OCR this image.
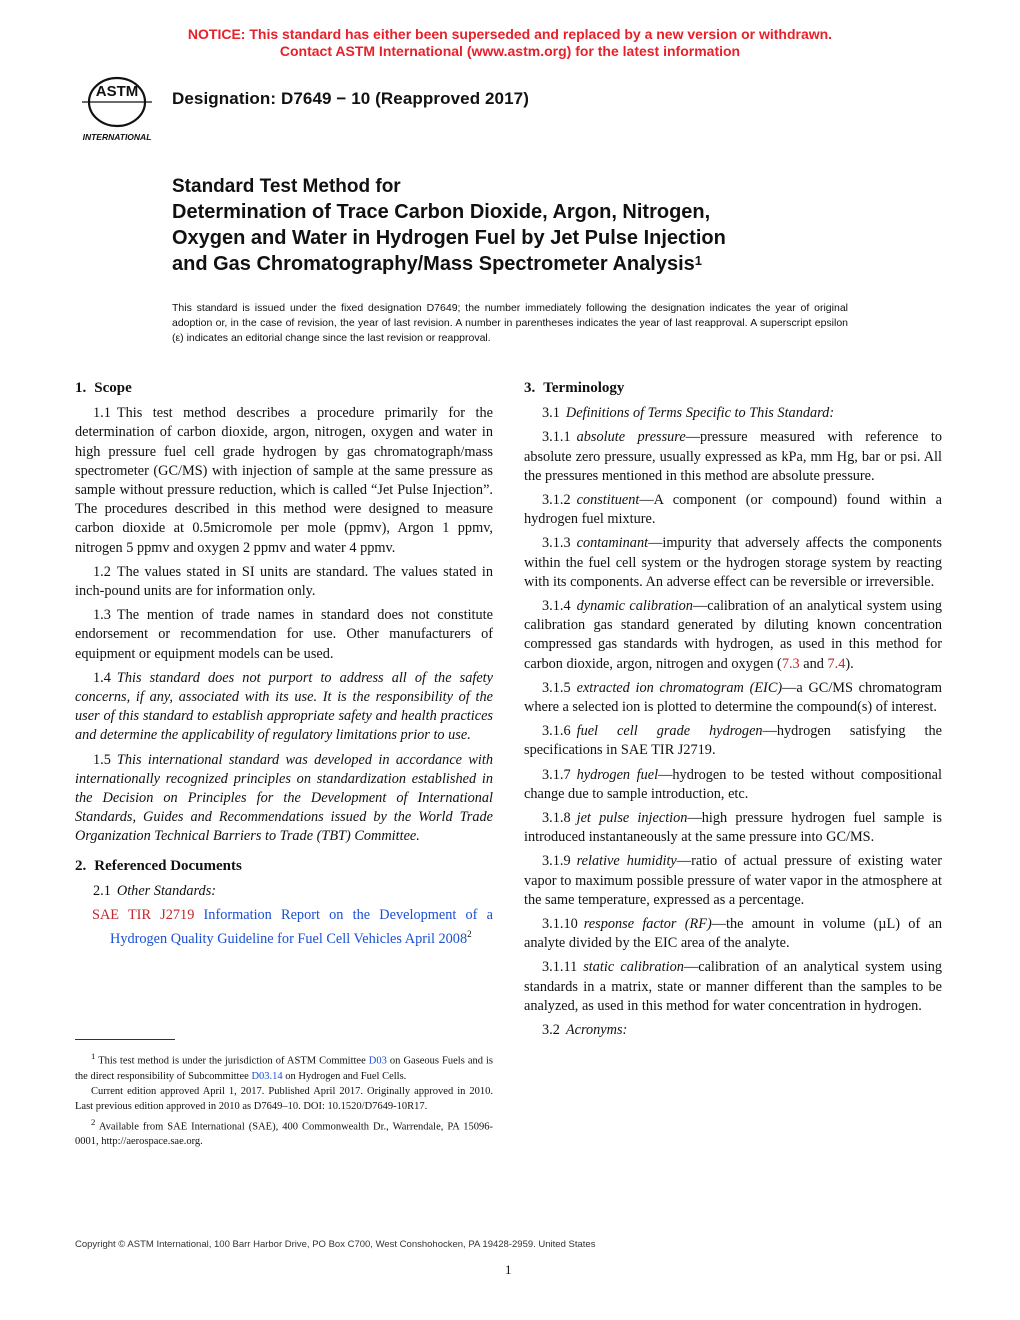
NOTICE: This standard has either been superseded and replaced by a new version or withdrawn.
Contact ASTM International (www.astm.org) for the latest information
ASTM
INTERNATIONAL
Designation: D7649 − 10 (Reapproved 2017)
Standard Test Method for
Determination of Trace Carbon Dioxide, Argon, Nitrogen,
Oxygen and Water in Hydrogen Fuel by Jet Pulse Injection
and Gas Chromatography/Mass Spectrometer Analysis$^1$
This standard is issued under the fixed designation D7649; the number immediately following the designation indicates the year of original adoption or, in the case of revision, the year of last revision. A number in parentheses indicates the year of last reapproval. A superscript epsilon (ε) indicates an editorial change since the last revision or reapproval.
1. Scope

1.1 This test method describes a procedure primarily for the determination of carbon dioxide, argon, nitrogen, oxygen and water in high pressure fuel cell grade hydrogen by gas chromatograph/mass spectrometer (GC/MS) with injection of sample at the same pressure as sample without pressure reduction, which is called “Jet Pulse Injection”. The procedures described in this method were designed to measure carbon dioxide at 0.5micromole per mole (ppmv), Argon 1 ppmv, nitrogen 5 ppmv and oxygen 2 ppmv and water 4 ppmv.

1.2 The values stated in SI units are standard. The values stated in inch-pound units are for information only.

1.3 The mention of trade names in standard does not constitute endorsement or recommendation for use. Other manufacturers of equipment or equipment models can be used.

1.4 This standard does not purport to address all of the safety concerns, if any, associated with its use. It is the responsibility of the user of this standard to establish appropriate safety and health practices and determine the applicability of regulatory limitations prior to use.

1.5 This international standard was developed in accordance with internationally recognized principles on standardization established in the Decision on Principles for the Development of International Standards, Guides and Recommendations issued by the World Trade Organization Technical Barriers to Trade (TBT) Committee.

2. Referenced Documents

2.1 Other Standards:

SAE TIR J2719 Information Report on the Development of a Hydrogen Quality Guideline for Fuel Cell Vehicles April 2008$^2$

$^1$ This test method is under the jurisdiction of ASTM Committee D03 on Gaseous Fuels and is the direct responsibility of Subcommittee D03.14 on Hydrogen and Fuel Cells.

Current edition approved April 1, 2017. Published April 2017. Originally approved in 2010. Last previous edition approved in 2010 as D7649–10. DOI: 10.1520/D7649-10R17.

$^2$ Available from SAE International (SAE), 400 Commonwealth Dr., Warrendale, PA 15096-0001, http://aerospace.sae.org.

3. Terminology

3.1 Definitions of Terms Specific to This Standard:

3.1.1 absolute pressure—pressure measured with reference to absolute zero pressure, usually expressed as kPa, mm Hg, bar or psi. All the pressures mentioned in this method are absolute pressure.

3.1.2 constituent—A component (or compound) found within a hydrogen fuel mixture.

3.1.3 contaminant—impurity that adversely affects the components within the fuel cell system or the hydrogen storage system by reacting with its components. An adverse effect can be reversible or irreversible.

3.1.4 dynamic calibration—calibration of an analytical system using calibration gas standard generated by diluting known concentration compressed gas standards with hydrogen, as used in this method for carbon dioxide, argon, nitrogen and oxygen (7.3 and 7.4).

3.1.5 extracted ion chromatogram (EIC)—a GC/MS chromatogram where a selected ion is plotted to determine the compound(s) of interest.

3.1.6 fuel cell grade hydrogen—hydrogen satisfying the specifications in SAE TIR J2719.

3.1.7 hydrogen fuel—hydrogen to be tested without compositional change due to sample introduction, etc.

3.1.8 jet pulse injection—high pressure hydrogen fuel sample is introduced instantaneously at the same pressure into GC/MS.

3.1.9 relative humidity—ratio of actual pressure of existing water vapor to maximum possible pressure of water vapor in the atmosphere at the same temperature, expressed as a percentage.

3.1.10 response factor (RF)—the amount in volume (µL) of an analyte divided by the EIC area of the analyte.

3.1.11 static calibration—calibration of an analytical system using standards in a matrix, state or manner different than the samples to be analyzed, as used in this method for water concentration in hydrogen.

3.2 Acronyms:

Copyright © ASTM International, 100 Barr Harbor Drive, PO Box C700, West Conshohocken, PA 19428-2959. United States
1
